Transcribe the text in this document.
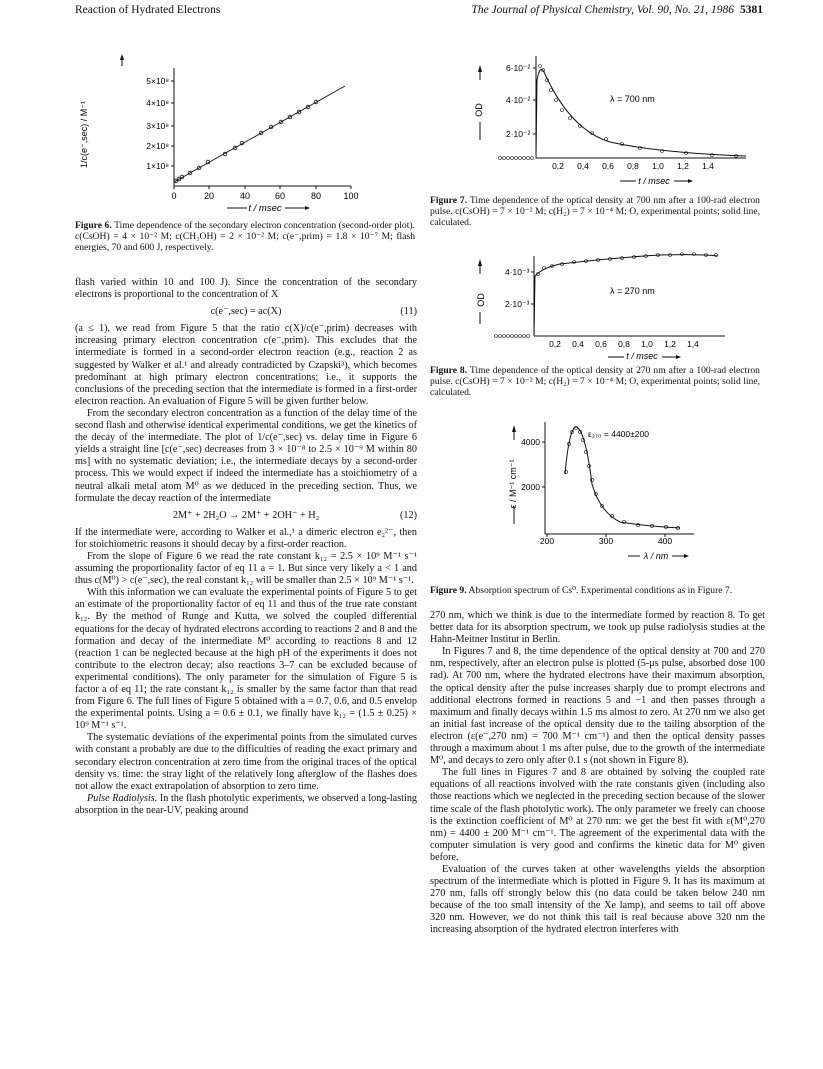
Reaction of Hydrated Electrons	The Journal of Physical Chemistry, Vol. 90, No. 21, 1986 5381
1/c(e⁻,sec) / M⁻¹	1×10⁸
2×10⁸
3×10⁸
4×10⁸
5×10⁸
0	20	40	60	80 100
t / msec
Figure 6. Time dependence of the secondary electron concentration (second-order plot). c(CsOH) = 4 × 10⁻² M; c(CH₃OH) = 2 × 10⁻² M; c(e⁻,prim) = 1.8 × 10⁻⁷ M; flash energies, 70 and 600 J, respectively.

flash varied within 10 and 100 J). Since the concentration of the secondary electrons is proportional to the concentration of X

c(e⁻,sec) = ac(X)	(11)

(a ≤ 1), we read from Figure 5 that the ratio c(X)/c(e⁻,prim) decreases with increasing primary electron concentration c(e⁻,prim). This excludes that the intermediate is formed in a second-order electron reaction (e.g., reaction 2 as suggested by Walker et al.¹ and already contradicted by Czapski³), which becomes predominant at high primary electron concentrations; i.e., it supports the conclusions of the preceding section that the intermediate is formed in a first-order electron reaction. An evaluation of Figure 5 will be given further below.

From the secondary electron concentration as a function of the delay time of the second flash and otherwise identical experimental conditions, we get the kinetics of the decay of the intermediate. The plot of 1/c(e⁻,sec) vs. delay time in Figure 6 yields a straight line [c(e⁻,sec) decreases from 3 × 10⁻⁸ to 2.5 × 10⁻⁹ M within 80 ms] with no systematic deviation; i.e., the intermediate decays by a second-order process. This we would expect if indeed the intermediate has a stoichiometry of a neutral alkali metal atom M⁰ as we deduced in the preceding section. Thus, we formulate the decay reaction of the intermediate

2M⁺ + 2H₂O → 2M⁺ + 2OH⁻ + H₂	(12)

If the intermediate were, according to Walker et al.,¹ a dimeric electron e₂²⁻, then for stoichiometric reasons it should decay by a first-order reaction.

From the slope of Figure 6 we read the rate constant k₁₂ = 2.5 × 10⁹ M⁻¹ s⁻¹ assuming the proportionality factor of eq 11 a = 1. But since very likely a < 1 and thus c(M⁰) > c(e⁻,sec), the real constant k₁₂ will be smaller than 2.5 × 10⁹ M⁻¹ s⁻¹.

With this information we can evaluate the experimental points of Figure 5 to get an estimate of the proportionality factor of eq 11 and thus of the true rate constant k₁₂. By the method of Runge and Kutta, we solved the coupled differential equations for the decay of hydrated electrons according to reactions 2 and 8 and the formation and decay of the intermediate M⁰ according to reactions 8 and 12 (reaction 1 can be neglected because at the high pH of the experiments it does not contribute to the electron decay; also reactions 3–7 can be excluded because of experimental conditions). The only parameter for the simulation of Figure 5 is factor a of eq 11; the rate constant k₁₂ is smaller by the same factor than that read from Figure 6. The full lines of Figure 5 obtained with a = 0.7, 0.6, and 0.5 envelop the experimental points. Using a = 0.6 ± 0.1, we finally have k₁₂ = (1.5 ± 0.25) × 10⁹ M⁻¹ s⁻¹.

The systematic deviations of the experimental points from the simulated curves with constant a probably are due to the difficulties of reading the exact primary and secondary electron concentration at zero time from the original traces of the optical density vs. time: the stray light of the relatively long afterglow of the flashes does not allow the exact extrapolation of absorption to zero time.

Pulse Radiolysis. In the flash photolytic experiments, we observed a long-lasting absorption in the near-UV, peaking around

OD
2·10⁻²
4·10⁻²
6·10⁻²
0,2 0,4 0,6 0,8 1,0 1,2 1,4
λ = 700 nm
t / msec
Figure 7. Time dependence of the optical density at 700 nm after a 100-rad electron pulse. c(CsOH) = 7 × 10⁻² M; c(H₂) = 7 × 10⁻⁴ M; O, experimental points; solid line, calculated.
OD 2·10⁻³
4·10⁻³
0,2 0,4 0,6 0,8 1,0 1,2 1,4
λ = 270 nm
t / msec
Figure 8. Time dependence of the optical density at 270 nm after a 100-rad electron pulse. c(CsOH) = 7 × 10⁻² M; c(H₂) = 7 × 10⁻⁴ M; O, experimental points; solid line, calculated.
ε / M⁻¹ cm⁻¹ 2000
4000
200	300	400
ε₂₇₀ = 4400±200
λ / nm
Figure 9. Absorption spectrum of Cs⁰. Experimental conditions as in Figure 7.

270 nm, which we think is due to the intermediate formed by reaction 8. To get better data for its absorption spectrum, we took up pulse radiolysis studies at the Hahn-Meitner Institut in Berlin.

In Figures 7 and 8, the time dependence of the optical density at 700 and 270 nm, respectively, after an electron pulse is plotted (5-μs pulse, absorbed dose 100 rad). At 700 nm, where the hydrated electrons have their maximum absorption, the optical density after the pulse increases sharply due to prompt electrons and additional electrons formed in reactions 5 and −1 and then passes through a maximum and finally decays within 1.5 ms almost to zero. At 270 nm we also get an initial fast increase of the optical density due to the tailing absorption of the electron (ε(e⁻,270 nm) = 700 M⁻¹ cm⁻¹) and then the optical density passes through a maximum about 1 ms after pulse, due to the growth of the intermediate M⁰, and decays to zero only after 0.1 s (not shown in Figure 8).

The full lines in Figures 7 and 8 are obtained by solving the coupled rate equations of all reactions involved with the rate constants given (including also those reactions which we neglected in the preceding section because of the slower time scale of the flash photolytic work). The only parameter we freely can choose is the extinction coefficient of M⁰ at 270 nm: we get the best fit with ε(M⁰,270 nm) = 4400 ± 200 M⁻¹ cm⁻¹. The agreement of the experimental data with the computer simulation is very good and confirms the kinetic data for M⁰ given before.

Evaluation of the curves taken at other wavelengths yields the absorption spectrum of the intermediate which is plotted in Figure 9. It has its maximum at 270 nm, falls off strongly below this (no data could be taken below 240 nm because of the too small intensity of the Xe lamp), and seems to tail off above 320 nm. However, we do not think this tail is real because above 320 nm the increasing absorption of the hydrated electron interferes with
